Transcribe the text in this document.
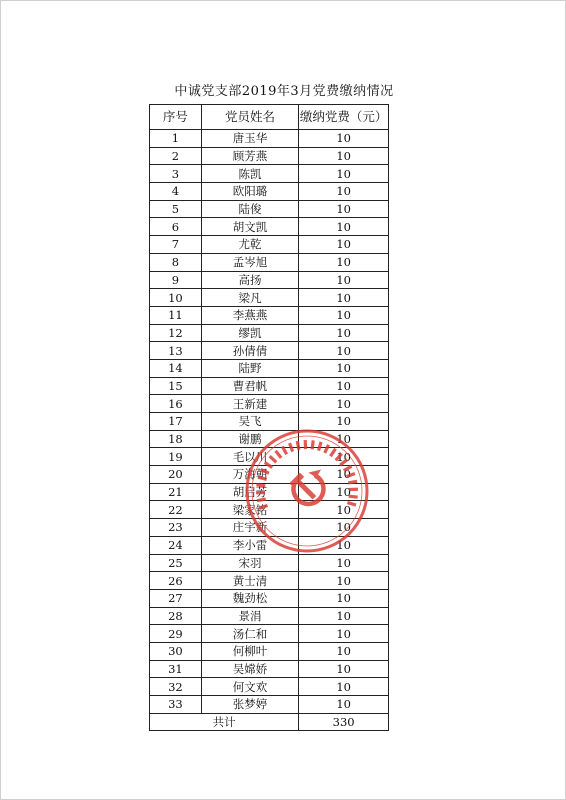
中诚党支部2019年3月党费缴纳情况
序号	党员姓名	缴纳党费（元）
1	唐玉华	10
2	顾芳燕	10
3	陈凯	10
4	欧阳璐	10
5	陆俊	10
6	胡文凯	10
7	尤乾	10
8	孟岑旭	10
9	高扬	10
10	梁凡	10
11	李燕燕	10
12	缪凯	10
13	孙倩倩	10
14	陆野	10
15	曹君帆	10
16	王新建	10
17	吴飞	10
18	谢鹏	10
19	毛以川	10
20	万海朝	10
21	胡启芳	10
22	梁家铭	10
23	庄宇新	10
24	李小雷	10
25	宋羽	10
26	黄士清	10
27	魏劲松	10
28	景涓	10
29	汤仁和	10
30	何柳叶	10
31	吴嫦娇	10
32	何文欢	10
33	张梦婷	10
共计		330
